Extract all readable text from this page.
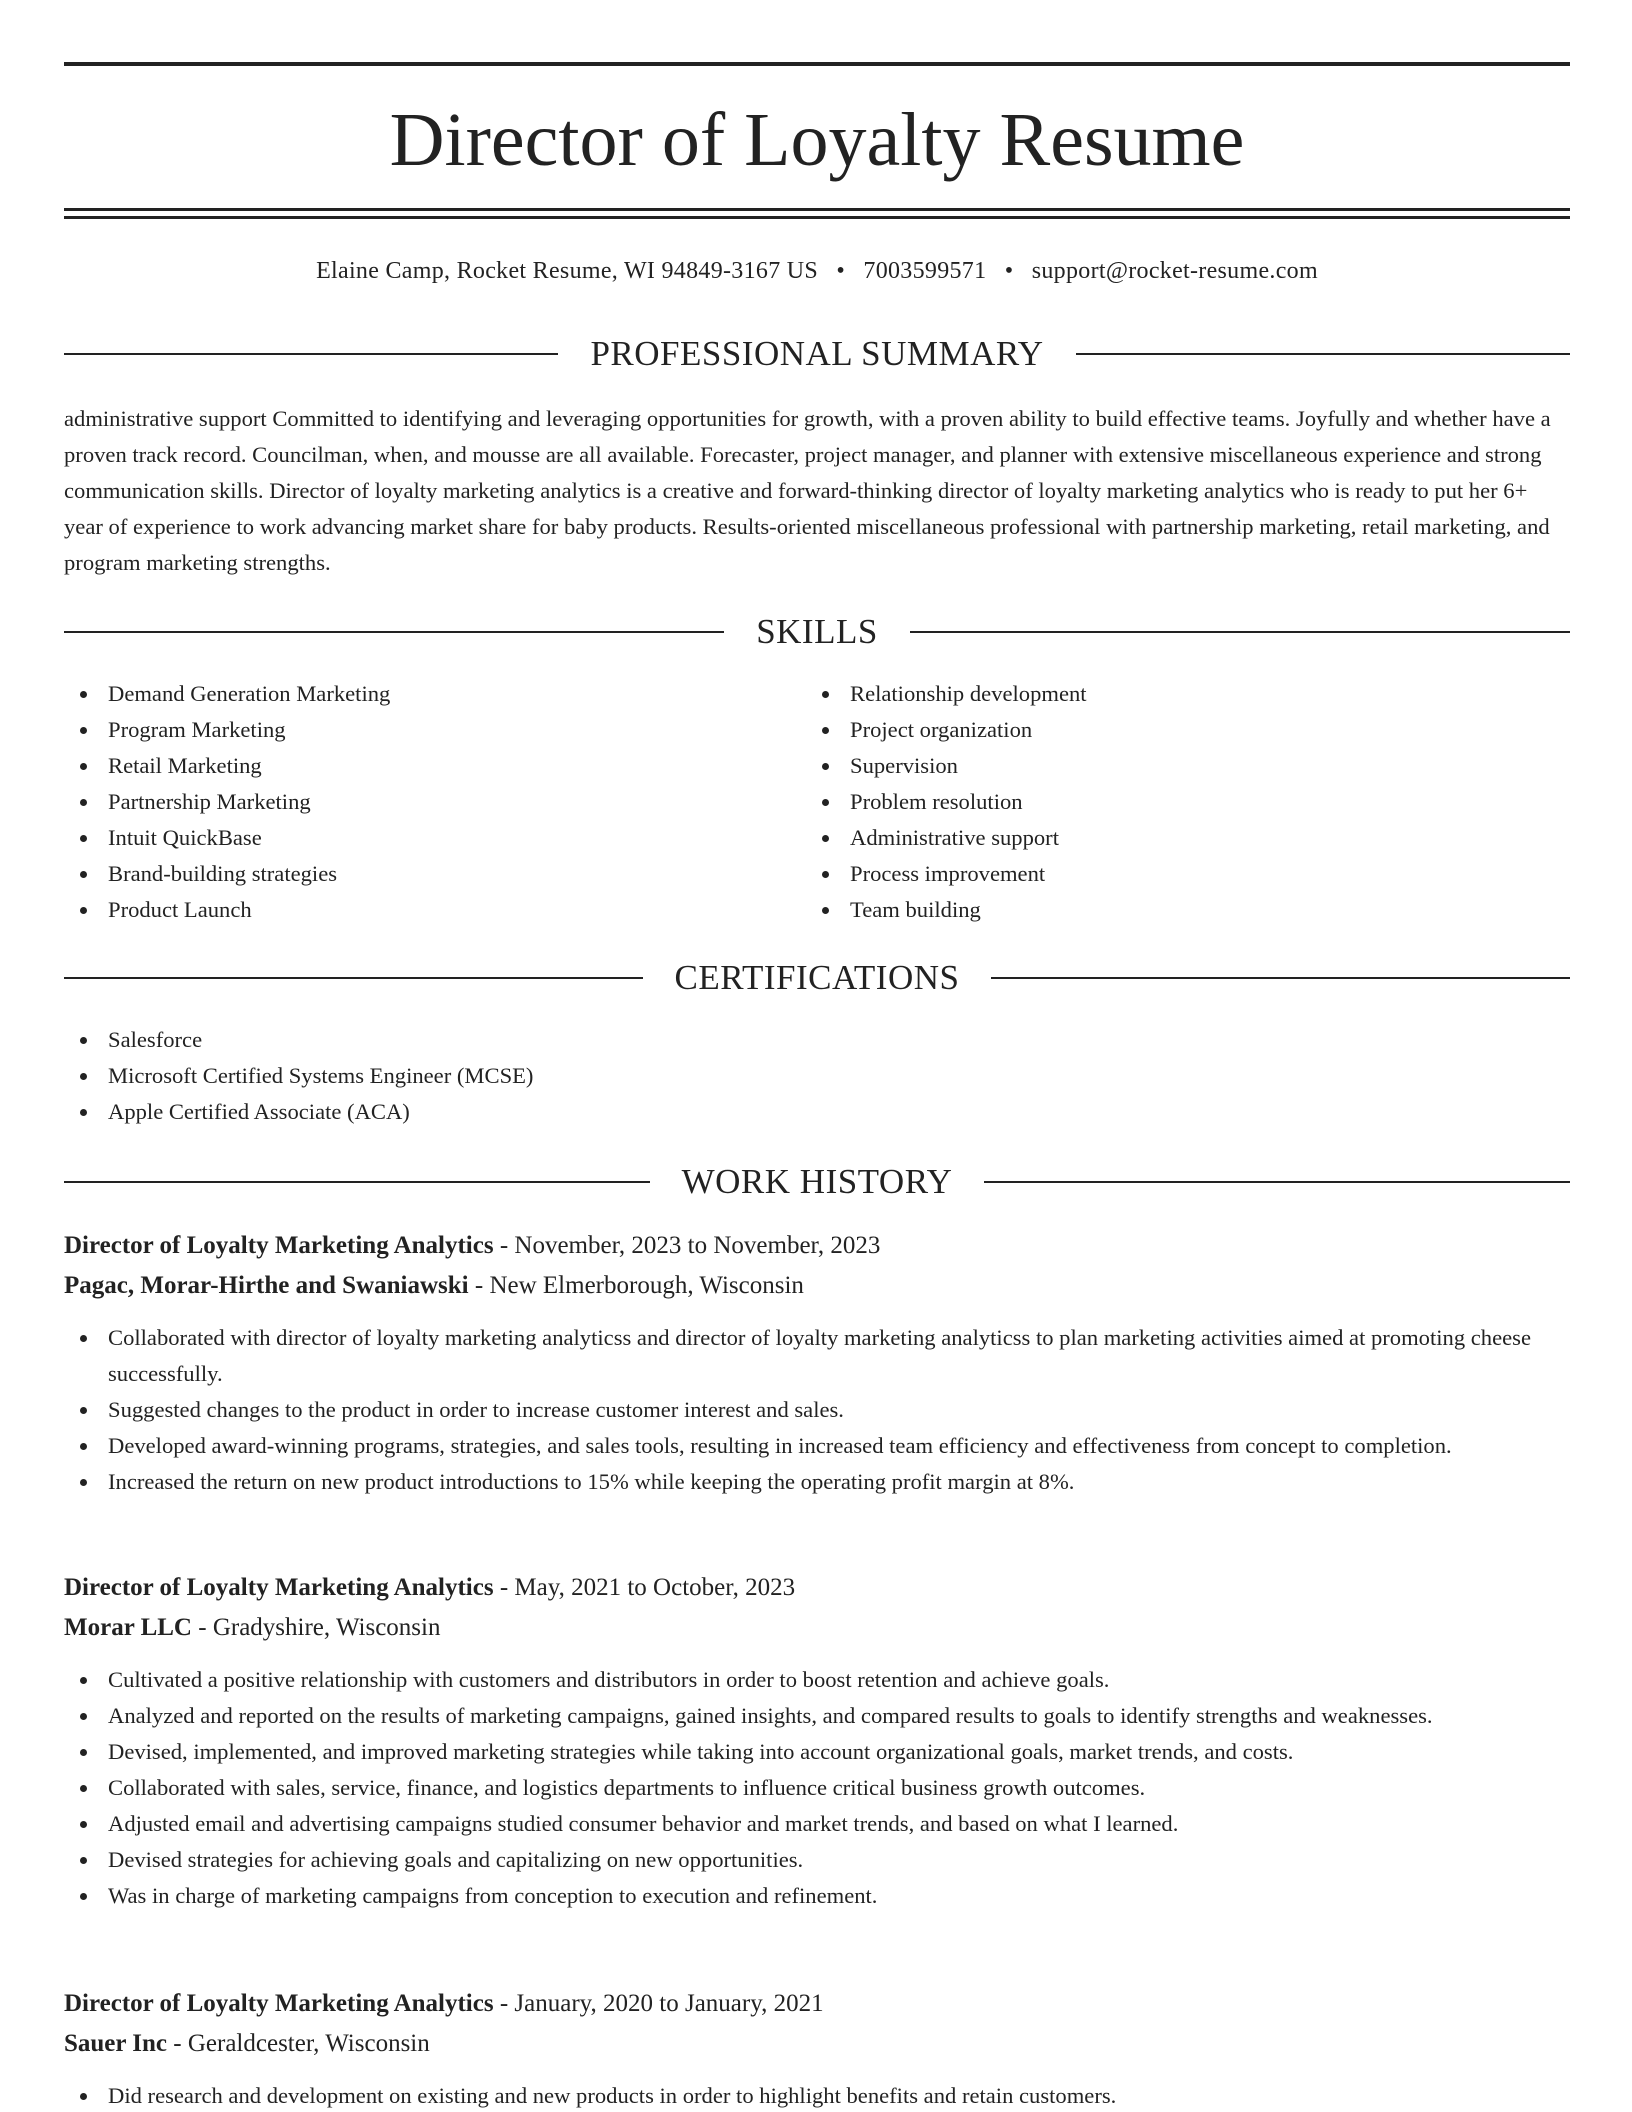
Director of Loyalty Resume
Elaine Camp, Rocket Resume, WI 94849-3167 US • 7003599571 • support@rocket-resume.com
PROFESSIONAL SUMMARY

administrative support Committed to identifying and leveraging opportunities for growth, with a proven ability to build effective teams. Joyfully and whether have a proven track record. Councilman, when, and mousse are all available. Forecaster, project manager, and planner with extensive miscellaneous experience and strong communication skills. Director of loyalty marketing analytics is a creative and forward-thinking director of loyalty marketing analytics who is ready to put her 6+ year of experience to work advancing market share for baby products. Results-oriented miscellaneous professional with partnership marketing, retail marketing, and program marketing strengths.

SKILLS
Demand Generation Marketing
Program Marketing
Retail Marketing
Partnership Marketing
Intuit QuickBase
Brand-building strategies
Product Launch
Relationship development
Project organization
Supervision
Problem resolution
Administrative support
Process improvement
Team building
CERTIFICATIONS
Salesforce
Microsoft Certified Systems Engineer (MCSE)
Apple Certified Associate (ACA)
WORK HISTORY
Director of Loyalty Marketing Analytics - November, 2023 to November, 2023
Pagac, Morar-Hirthe and Swaniawski - New Elmerborough, Wisconsin
Collaborated with director of loyalty marketing analyticss and director of loyalty marketing analyticss to plan marketing activities aimed at promoting cheese successfully.
Suggested changes to the product in order to increase customer interest and sales.
Developed award-winning programs, strategies, and sales tools, resulting in increased team efficiency and effectiveness from concept to completion.
Increased the return on new product introductions to 15% while keeping the operating profit margin at 8%.
Director of Loyalty Marketing Analytics - May, 2021 to October, 2023
Morar LLC - Gradyshire, Wisconsin
Cultivated a positive relationship with customers and distributors in order to boost retention and achieve goals.
Analyzed and reported on the results of marketing campaigns, gained insights, and compared results to goals to identify strengths and weaknesses.
Devised, implemented, and improved marketing strategies while taking into account organizational goals, market trends, and costs.
Collaborated with sales, service, finance, and logistics departments to influence critical business growth outcomes.
Adjusted email and advertising campaigns studied consumer behavior and market trends, and based on what I learned.
Devised strategies for achieving goals and capitalizing on new opportunities.
Was in charge of marketing campaigns from conception to execution and refinement.
Director of Loyalty Marketing Analytics - January, 2020 to January, 2021
Sauer Inc - Geraldcester, Wisconsin
Did research and development on existing and new products in order to highlight benefits and retain customers.
